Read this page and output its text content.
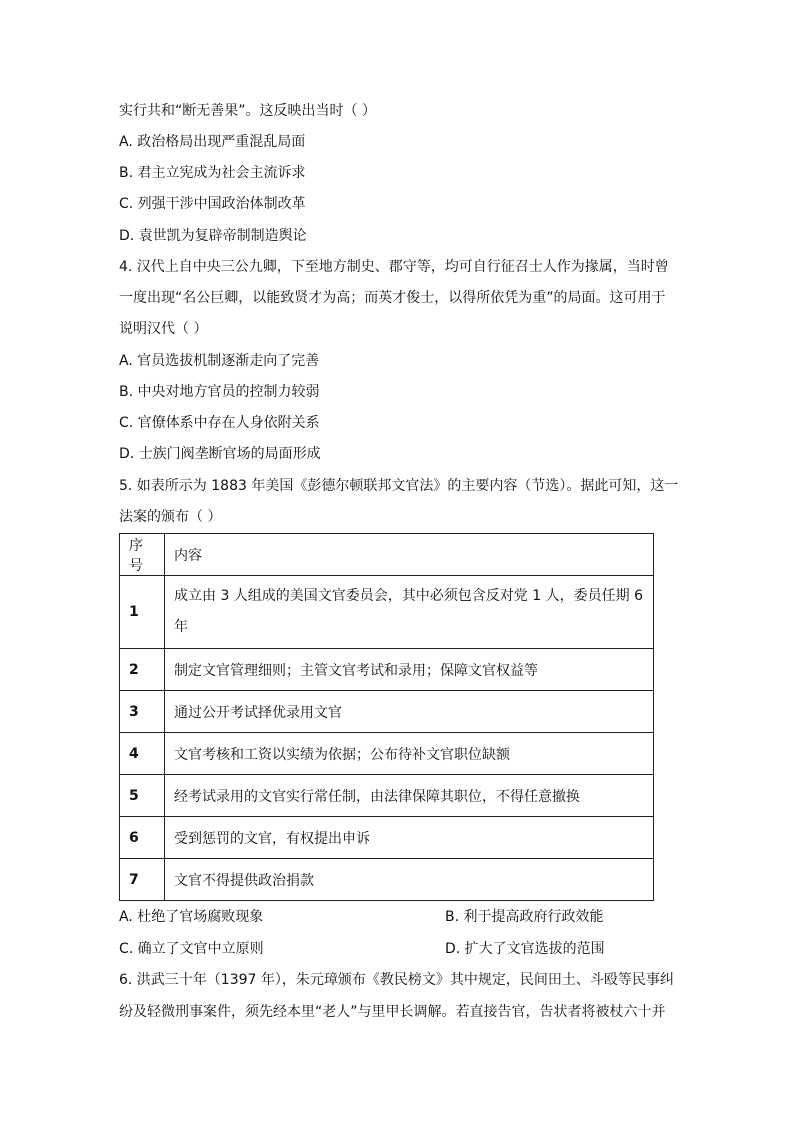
实行共和“断无善果”。这反映出当时（ ）
A. 政治格局出现严重混乱局面
B. 君主立宪成为社会主流诉求
C. 列强干涉中国政治体制改革
D. 袁世凯为复辟帝制制造舆论
4. 汉代上自中央三公九卿，下至地方制史、郡守等，均可自行征召士人作为掾属，当时曾
一度出现“名公巨卿，以能致贤才为高；而英才俊士，以得所依凭为重”的局面。这可用于
说明汉代（ ）
A. 官员选拔机制逐渐走向了完善
B. 中央对地方官员的控制力较弱
C. 官僚体系中存在人身依附关系
D. 士族门阀垄断官场的局面形成
5. 如表所示为 1883 年美国《彭德尔顿联邦文官法》的主要内容（节选）。据此可知，这一
法案的颁布（ ）
序号	内容
1	成立由 3 人组成的美国文官委员会，其中必须包含反对党 1 人，委员任期 6
年
2	制定文官管理细则；主管文官考试和录用；保障文官权益等
3	通过公开考试择优录用文官
4	文官考核和工资以实绩为依据；公布待补文官职位缺额
5	经考试录用的文官实行常任制，由法律保障其职位，不得任意撤换
6	受到惩罚的文官，有权提出申诉
7	文官不得提供政治捐款
A. 杜绝了官场腐败现象	B. 利于提高政府行政效能
C. 确立了文官中立原则	D. 扩大了文官选拔的范围
6. 洪武三十年（1397 年），朱元璋颁布《教民榜文》其中规定，民间田土、斗殴等民事纠
纷及轻微刑事案件，须先经本里“老人”与里甲长调解。若直接告官，告状者将被杖六十并
